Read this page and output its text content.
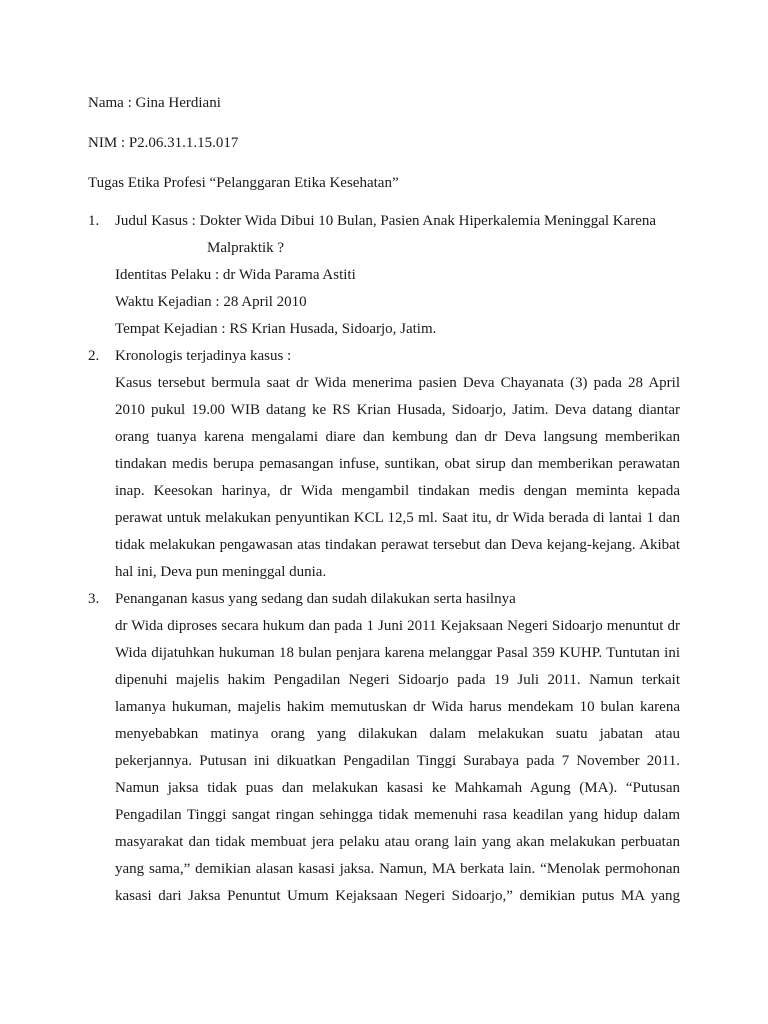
Nama : Gina Herdiani
NIM : P2.06.31.1.15.017
Tugas Etika Profesi “Pelanggaran Etika Kesehatan”
1. Judul Kasus : Dokter Wida Dibui 10 Bulan, Pasien Anak Hiperkalemia Meninggal Karena
Malpraktik ?
Identitas Pelaku : dr Wida Parama Astiti
Waktu Kejadian : 28 April 2010
Tempat Kejadian : RS Krian Husada, Sidoarjo, Jatim.
2. Kronologis terjadinya kasus :
Kasus tersebut bermula saat dr Wida menerima pasien Deva Chayanata (3) pada 28 April
2010 pukul 19.00 WIB datang ke RS Krian Husada, Sidoarjo, Jatim. Deva datang diantar
orang tuanya karena mengalami diare dan kembung dan dr Deva langsung memberikan
tindakan medis berupa pemasangan infuse, suntikan, obat sirup dan memberikan perawatan
inap. Keesokan harinya, dr Wida mengambil tindakan medis dengan meminta kepada
perawat untuk melakukan penyuntikan KCL 12,5 ml. Saat itu, dr Wida berada di lantai 1 dan
tidak melakukan pengawasan atas tindakan perawat tersebut dan Deva kejang-kejang. Akibat
hal ini, Deva pun meninggal dunia.
3. Penanganan kasus yang sedang dan sudah dilakukan serta hasilnya
dr Wida diproses secara hukum dan pada 1 Juni 2011 Kejaksaan Negeri Sidoarjo menuntut dr
Wida dijatuhkan hukuman 18 bulan penjara karena melanggar Pasal 359 KUHP. Tuntutan ini
dipenuhi majelis hakim Pengadilan Negeri Sidoarjo pada 19 Juli 2011. Namun terkait
lamanya hukuman, majelis hakim memutuskan dr Wida harus mendekam 10 bulan karena
menyebabkan matinya orang yang dilakukan dalam melakukan suatu jabatan atau
pekerjannya. Putusan ini dikuatkan Pengadilan Tinggi Surabaya pada 7 November 2011.
Namun jaksa tidak puas dan melakukan kasasi ke Mahkamah Agung (MA). “Putusan
Pengadilan Tinggi sangat ringan sehingga tidak memenuhi rasa keadilan yang hidup dalam
masyarakat dan tidak membuat jera pelaku atau orang lain yang akan melakukan perbuatan
yang sama,” demikian alasan kasasi jaksa. Namun, MA berkata lain. “Menolak permohonan
kasasi dari Jaksa Penuntut Umum Kejaksaan Negeri Sidoarjo,” demikian putus MA yang
